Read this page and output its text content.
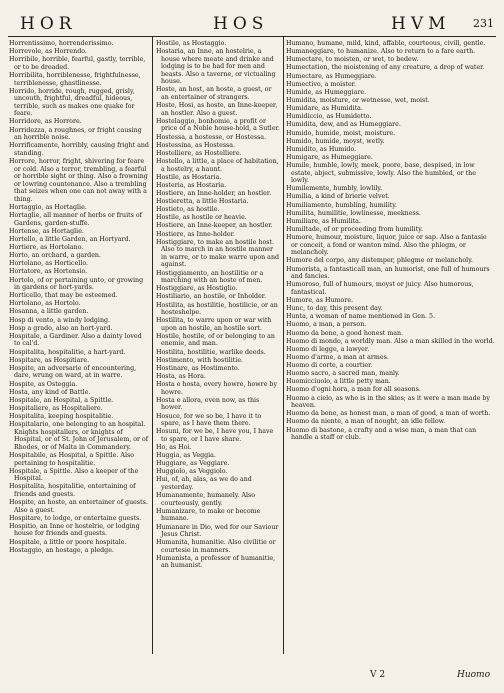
HOR	HOS	HVM 231
Horrentissimo, horrenderissimo.
Horrevole, as Horrendo.
Horribile, horrible, fearful, gastly, terrible, or to be dreaded.
Horribilita, horriblenesse, frightfulnesse, terriblenesse, ghastlinesse.
Horrido, horride, rough, rugged, grisly, uncouth, frightful, dreadful, hideous, terrible, such as makes one quake for feare.
Horridore, as Horrore.
Horridezza, a roughnes, or fright causing an horrible noise.
Horrificamente, horribly, causing fright and standing.
Horrore, horror, fright, shivering for feare or cold. Also a terror, trembling, a fearful or horrible sight or thing. Also a frowning or lowring countenance. Also a trembling that seizes when one can not away with a thing.
Hortaggio, as Hortaglie.
Hortaglie, all manner of herbs or fruits of Gardens, garden-stuffe.
Hortense, as Hortaglie.
Hortello, a little Garden, an Hortyard.
Hortiere, as Hortolano.
Horto, an orchard, a garden.
Hortolano, as Horticello.
Hortatore, as Hortensio.
Hortolo, of or pertaining unto, or growing in gardens or hort-yards.
Horticello, that may be esteemed.
Hortolano, as Hortolo.
Hosanna, a little garden.
Hosp di vento, a windy lodging.
Hosp a grado, also an hort-yard.
Hospitale, a Gardiner. Also a dainty loved to cal'd.
Hospitalita, hospitalitie, a hart-yard.
Hospitare, as Hospitiare.
Hospite, an adversarie of encountering, dare, wrung on ward, at in warre.
Hospite, as Osteggia.
Hosta, any kind of Battle.
Hospitale, an Hospital, a Spittle.
Hospitaliere, as Hospitaliere.
Hospitalita, keeping hospitalitie.
Hospitalario, one belonging to an hospital. Knights hospitallers, or knights of Hospital, or of St. John of Jerusalem, or of Rhodes, or of Malta in Commandery.
Hospitabile, as Hospital, a Spittle. Also pertaining to hospitalitie.
Hospitale, a Spittle. Also a keeper of the Hospital.
Hospitalita, hospitalitie, entertaining of friends and guests.
Hospite, an hoste, an entertainer of guests. Also a guest.
Hospitare, to lodge, or entertaine guests.
Hospitio, an Inne or hostelrie, or lodging house for friends and guests.
Hospitale, a little or poore hospitale.
Hostaggio, an hostage, a pledge.
Hostile, as Hostaggio.
Hostaria, an Inne, an hostelrie, a house where meate and drinke and lodging is to be had for men and beasts. Also a taverne, or victualing house.
Hoste, an host, an hoste, a guest, or an entertainer of strangers.
Hoste, Hosi, as hoste, an Inne-keeper, an hostler. Also a guest.
Hostelaggio, bonhomie, a profit or price of a Noble house-hold, a Sutler.
Hostessa, a hostesse, or Hostessa.
Hostessina, as Hostessa.
Hostelliere, as Hostelliere.
Hostello, a little, a place of habitation, a hostelry, a haunt.
Hostile, as Hostaria.
Hosteria, as Hostaria.
Hostiere, an Inne-holder, an hostler.
Hostieretta, a little Hostaria.
Hostieto, as hostile.
Hostile, as hostile or heavie.
Hostiere, an Inne-keeper, an hostler.
Hostiere, as Inne-holder.
Hostiggiare, to make an hostile host. Also to march in an hostile manner in warre, or to make warre upon and against.
Hostiggiamento, an hostilitie or a marching with an hoste of men.
Hostiggiare, as Hostiglio.
Hostiliario, an hostile, or Inholder.
Hostilita, as hostilitie, hostilicie, or an hosteshelpe.
Hostilita, to warre upon or war with upon an hostile, an hostile sort.
Hostile, hostile, of or belonging to an enemie, and man.
Hostilita, hostilitie, warlike deeds.
Hostimento, with hostilitie.
Hostinare, as Hostimento.
Hosta, as Hora.
Hosta e hosta, every howre, howre by howre.
Hosta e allora, even now, as this hower.
Hosuce, for we so be, I have it to spare, as I have them there.
Hosuni, for we be, I have you, I have to spare, or I have share.
Ho, as Hoi.
Huggia, as Veggia.
Huggiare, as Veggiare.
Huggiolo, as Veggiolo.
Hui, of, ah, alas, as we do and yesterday.
Humanamente, humanely. Also courteously, gently.
Humanizare, to make or become humane.
Humanare in Dio, wed for our Saviour Jesus Christ.
Humanita, humanitie. Also civilitie or courtesie in manners.
Humanista, a professor of humanitie, an humanist.
Humano, humane, mild, kind, affable, courteous, civill, gentle.
Humaneggiare, to humanize. Also to return to a fare earth.
Humectare, to moisten, or wet, to bedew.
Humectation, the moistening of any creature, a drop of water.
Humectare, as Humeggiare.
Humectivo, a moister.
Humide, as Humeggiare.
Humidita, moisture, or wetnesse, wet, moist.
Humidare, as Humidita.
Humidiccio, as Humidetto.
Humidita, dew, and as Humeggiare.
Humido, humide, moist, moisture.
Humido, humide, moyst, wetly.
Humidito, as Humido.
Humigare, as Humeggiare.
Humile, humble, lowly, meek, poore, base, despised, in low estate, abject, submissive, lowly. Also the humbled, or the lowly.
Humilemente, humbly, lowlily.
Humilia, a kind of brierie velvet.
Humiliamento, humbling, humility.
Humilita, humilitie, lowlinesse, meekness.
Humiliare, as Humilita.
Humiltade, of or proceeding from humility.
Humore, humour, moisture, liquor, juice or sap. Also a fantasie or conceit, a fond or wanton mind. Also the phlegm, or melancholy.
Humore del corpo, any distemper, phlegme or melancholy.
Humorista, a fantasticall man, an humorist, one full of humours and fancies.
Humoroso, full of humours, moyst or juicy. Also humorous, fantastical.
Humore, as Humore.
Hunc, to day, this present day.
Hunta, a woman of name mentioned in Gen. 5.
Huomo, a man, a person.
Huomo da bene, a good honest man.
Huomo di mondo, a worldly man. Also a man skilled in the world.
Huomo di legge, a lawyer.
Huomo d'arme, a man at armes.
Huomo di corte, a courtier.
Huomo sacro, a sacred man, manly.
Huomicciuolo, a little petty man.
Huomo d'ogni hora, a man for all seasons.
Huomo a cielo, as who is in the skies; as it were a man made by heaven.
Huomo da bene, as honest man, a man of good, a man of worth.
Huomo da niente, a man of nought, an idle fellow.
Huomo di bastone, a crafty and a wise man, a man that can handle a staff or club.
V 2	Huomo
